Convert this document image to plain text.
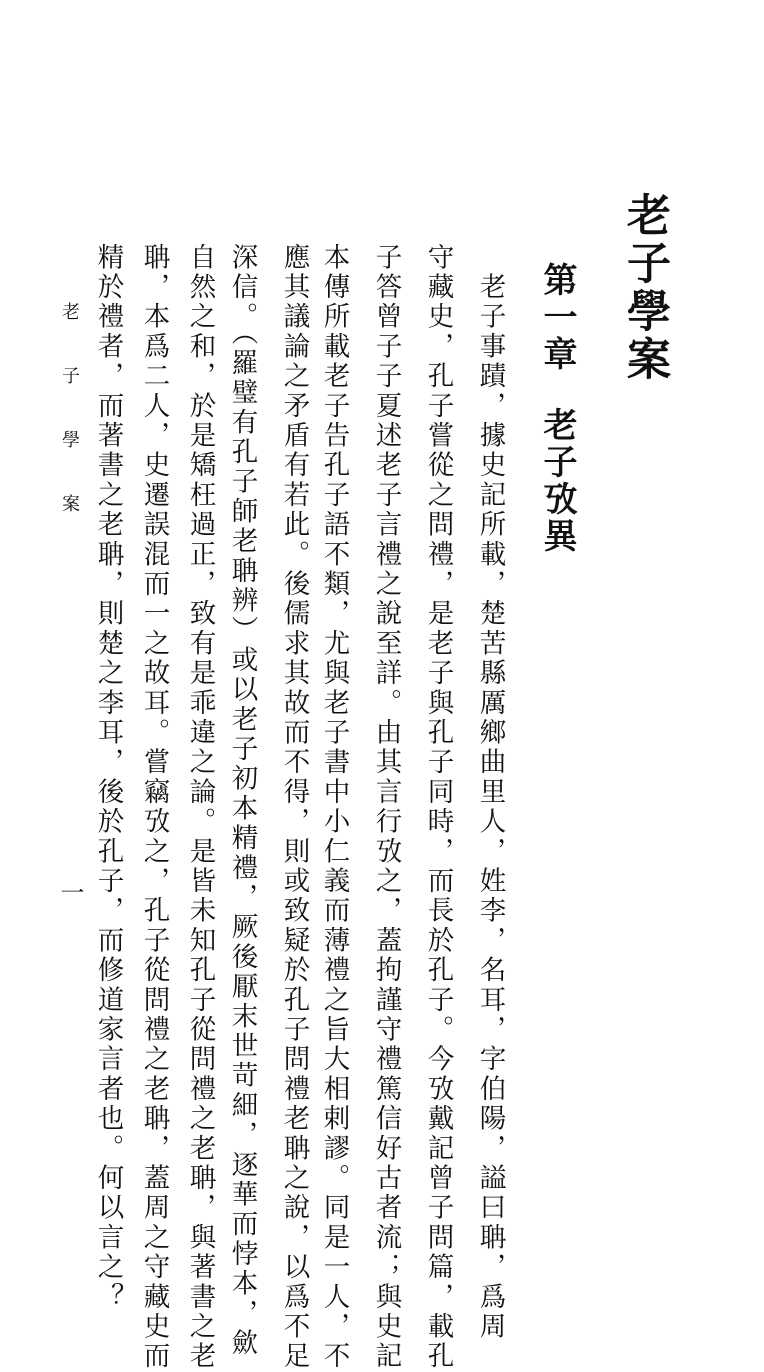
老子學案
第一章老子攷異
　老子事蹟，據史記所載，楚苦縣厲鄉曲里人，姓李，名耳，字伯陽，謚曰聃，爲周
守藏史，孔子嘗從之問禮，是老子與孔子同時，而長於孔子。今攷戴記曾子問篇，載孔
子答曾子子夏述老子言禮之說至詳。由其言行攷之，蓋拘謹守禮篤信好古者流；與史記
本傳所載老子告孔子語不類，尤與老子書中小仁義而薄禮之旨大相剌謬。同是一人，不
應其議論之矛盾有若此。後儒求其故而不得，則或致疑於孔子問禮老聃之說，以爲不足
深信。（羅璧有孔子師老聃辨）或以老子初本精禮，厥後厭末世苛細，逐華而悖本，歛
自然之和，於是矯枉過正，致有是乖違之論。是皆未知孔子從問禮之老聃，與著書之老
聃，本爲二人，史遷誤混而一之故耳。嘗竊攷之，孔子從問禮之老聃，蓋周之守藏史而
精於禮者，而著書之老聃，則楚之李耳，後於孔子，而修道家言者也。何以言之？
老子學案
一
